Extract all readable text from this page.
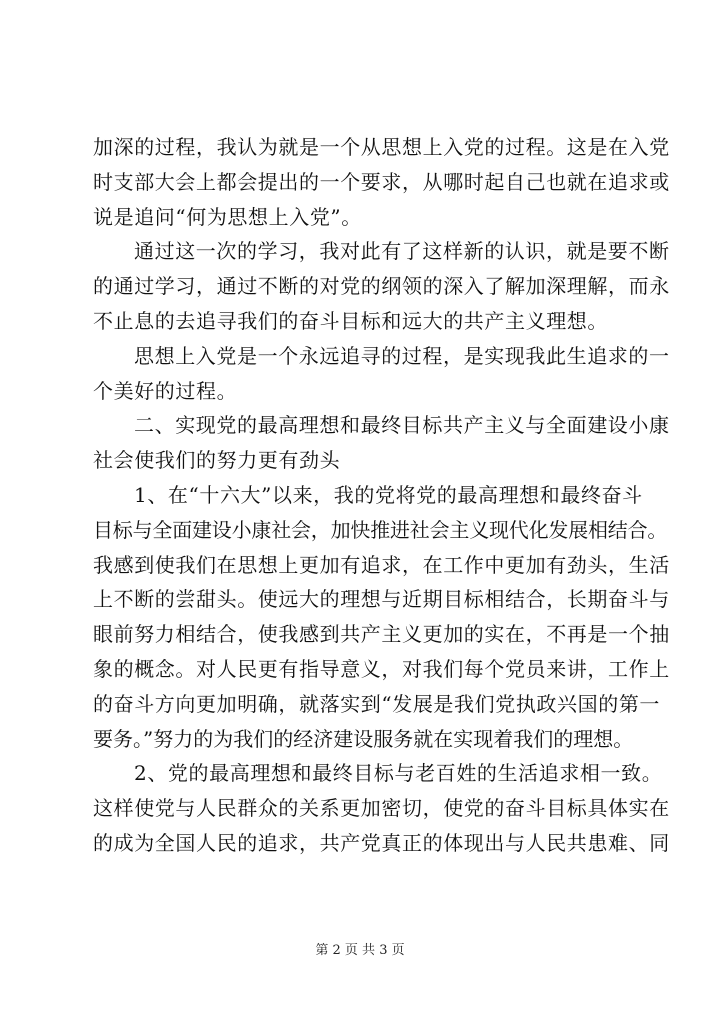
加深的过程，我认为就是一个从思想上入党的过程。这是在入党
时支部大会上都会提出的一个要求，从哪时起自己也就在追求或
说是追问“何为思想上入党”。

通过这一次的学习，我对此有了这样新的认识，就是要不断
的通过学习，通过不断的对党的纲领的深入了解加深理解，而永
不止息的去追寻我们的奋斗目标和远大的共产主义理想。

思想上入党是一个永远追寻的过程，是实现我此生追求的一
个美好的过程。

二、实现党的最高理想和最终目标共产主义与全面建设小康
社会使我们的努力更有劲头

1、在“十六大”以来，我的党将党的最高理想和最终奋斗
目标与全面建设小康社会，加快推进社会主义现代化发展相结合。
我感到使我们在思想上更加有追求，在工作中更加有劲头，生活
上不断的尝甜头。使远大的理想与近期目标相结合，长期奋斗与
眼前努力相结合，使我感到共产主义更加的实在，不再是一个抽
象的概念。对人民更有指导意义，对我们每个党员来讲，工作上
的奋斗方向更加明确，就落实到“发展是我们党执政兴国的第一
要务。”努力的为我们的经济建设服务就在实现着我们的理想。

2、党的最高理想和最终目标与老百姓的生活追求相一致。
这样使党与人民群众的关系更加密切，使党的奋斗目标具体实在
的成为全国人民的追求，共产党真正的体现出与人民共患难、同

第 2 页 共 3 页
